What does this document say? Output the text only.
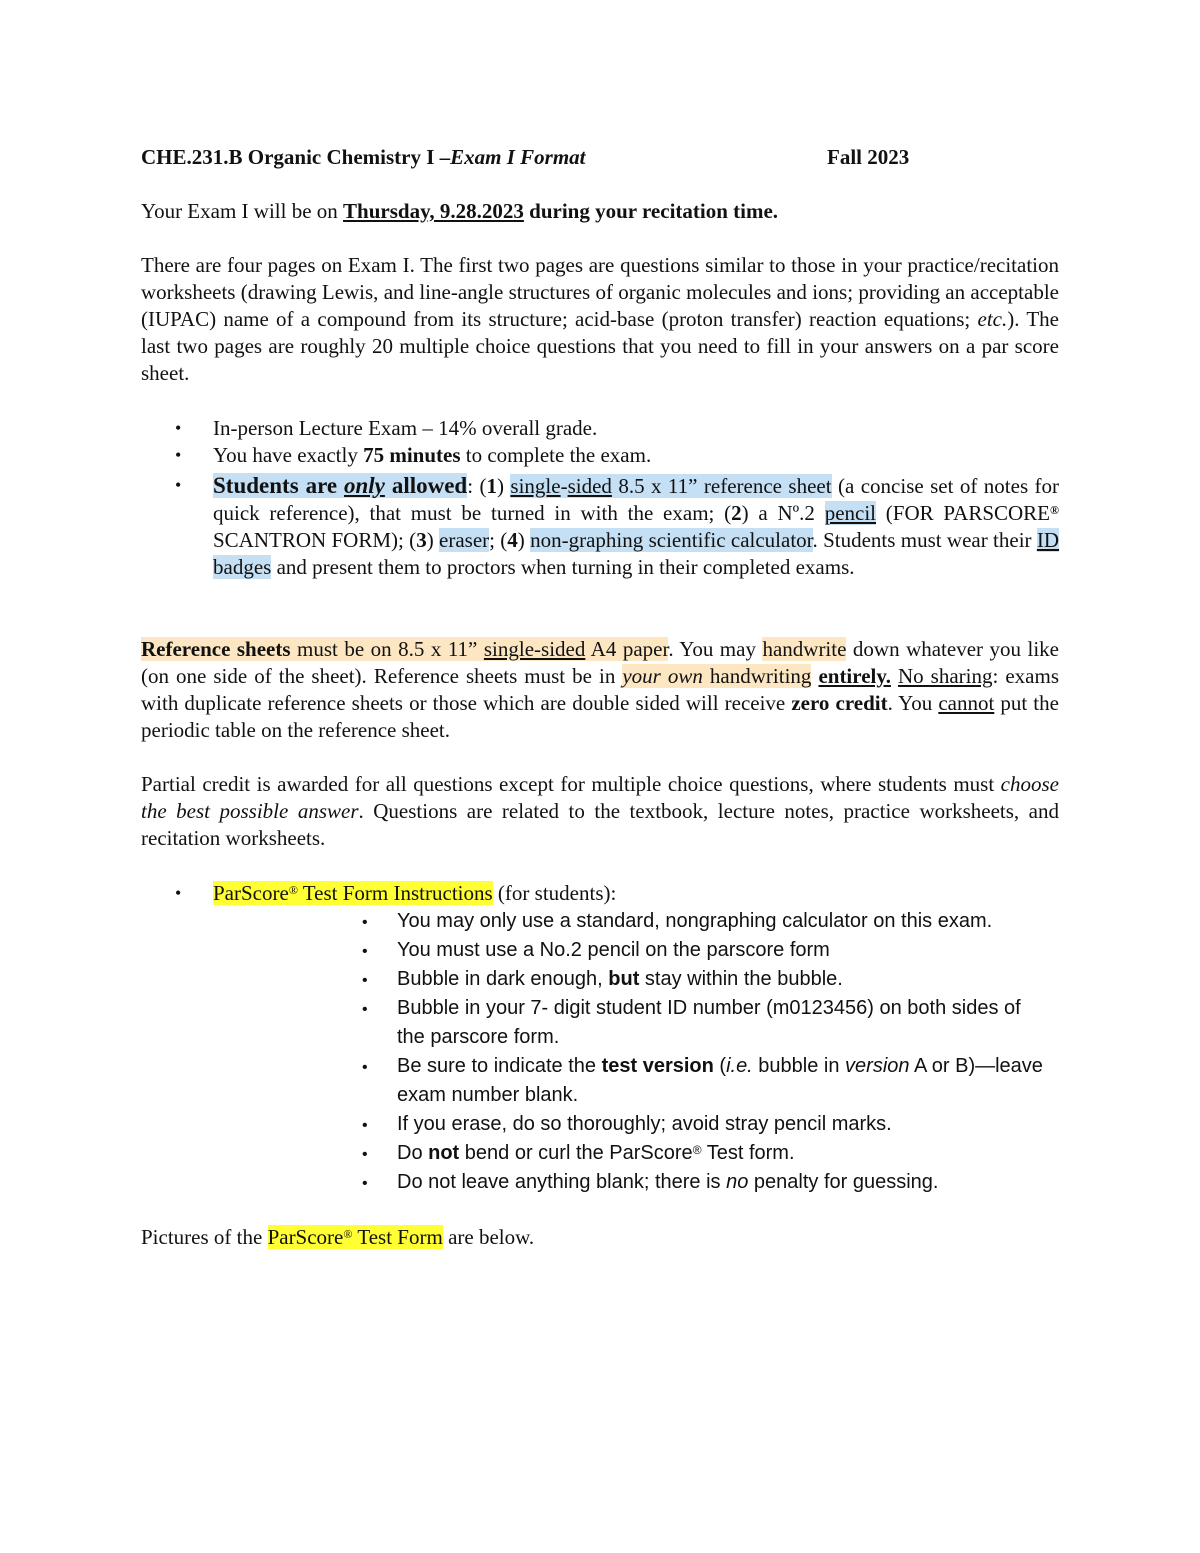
CHE.231.B Organic Chemistry I –Exam I Format	Fall 2023
Your Exam I will be on Thursday, 9.28.2023 during your recitation time.
There are four pages on Exam I. The first two pages are questions similar to those in your practice/recitation worksheets (drawing Lewis, and line-angle structures of organic molecules and ions; providing an acceptable (IUPAC) name of a compound from its structure; acid-base (proton transfer) reaction equations; etc.). The last two pages are roughly 20 multiple choice questions that you need to fill in your answers on a par score sheet.
• In-person Lecture Exam – 14% overall grade.
• You have exactly 75 minutes to complete the exam.
• Students are only allowed: (1) single-sided 8.5 x 11” reference sheet (a concise set of notes for quick reference), that must be turned in with the exam; (2) a Nº.2 pencil (FOR PARSCORE® SCANTRON FORM); (3) eraser; (4) non-graphing scientific calculator. Students must wear their ID badges and present them to proctors when turning in their completed exams.
Reference sheets must be on 8.5 x 11” single-sided A4 paper. You may handwrite down whatever you like (on one side of the sheet). Reference sheets must be in your own handwriting entirely. No sharing: exams with duplicate reference sheets or those which are double sided will receive zero credit. You cannot put the periodic table on the reference sheet.
Partial credit is awarded for all questions except for multiple choice questions, where students must choose the best possible answer. Questions are related to the textbook, lecture notes, practice worksheets, and recitation worksheets.
• ParScore® Test Form Instructions (for students):
• You may only use a standard, nongraphing calculator on this exam.
• You must use a No.2 pencil on the parscore form
• Bubble in dark enough, but stay within the bubble.
• Bubble in your 7- digit student ID number (m0123456) on both sides of
the parscore form.
• Be sure to indicate the test version (i.e. bubble in version A or B)—leave
exam number blank.
• If you erase, do so thoroughly; avoid stray pencil marks.
• Do not bend or curl the ParScore® Test form.
• Do not leave anything blank; there is no penalty for guessing.
Pictures of the ParScore® Test Form are below.
